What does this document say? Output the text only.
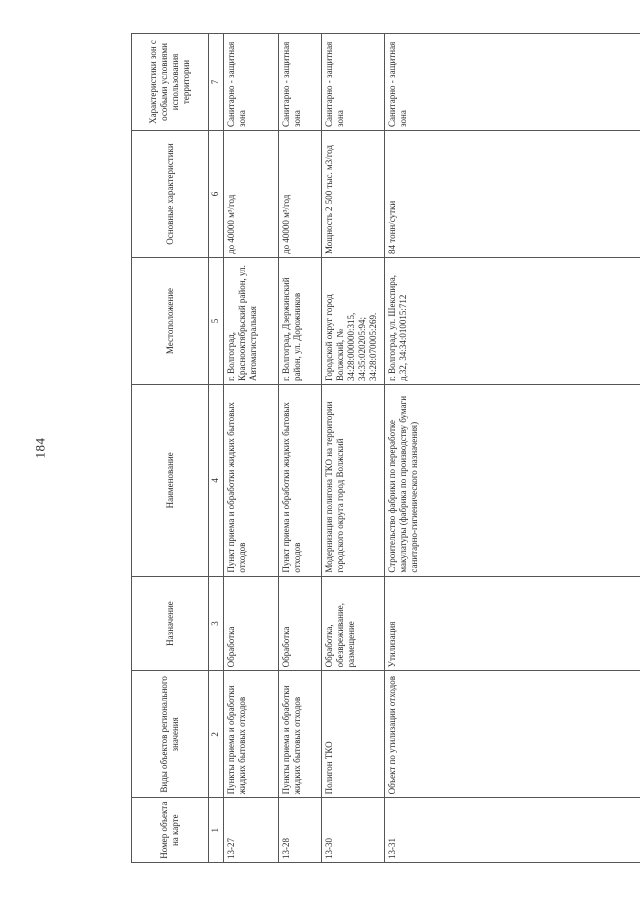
184
Номер объекта на карте	Виды объектов регионального значения	Назначение	Наименование	Местоположение	Основные характеристики	Характеристики зон с особыми условиями использования территории
1	2	3	4	5	6	7
13-27	Пункты приема и обработки жидких бытовых отходов	Обработка	Пункт приема и обработки жидких бытовых отходов	г. Волгоград, Краснооктябрьский район, ул. Автомагистральная	до 40000 м³/год	Санитарно - защитная зона
13-28	Пункты приема и обработки жидких бытовых отходов	Обработка	Пункт приема и обработки жидких бытовых отходов	г. Волгоград, Дзержинский район, ул. Дорожников	до 40000 м³/год	Санитарно - защитная зона
13-30	Полигон ТКО	Обработка, обезвреживание, размещение	Модернизация полигона ТКО на территории городского округа город Волжский	Городской округ город Волжский, № 34:28:000000:315, 34:35:020205:94; 34:28:070005:269.	Мощность 2 500 тыс. м3/год	Санитарно - защитная зона
13-31	Объект по утилизации отходов	Утилизация	Строительство фабрики по переработке макулатуры (фабрика по производству бумаги санитарно-гигиенического назначения)	г. Волгоград, ул. Шекспира, д.32, 34:34:010015:712	84 тонн/сутки	Санитарно - защитная зона
